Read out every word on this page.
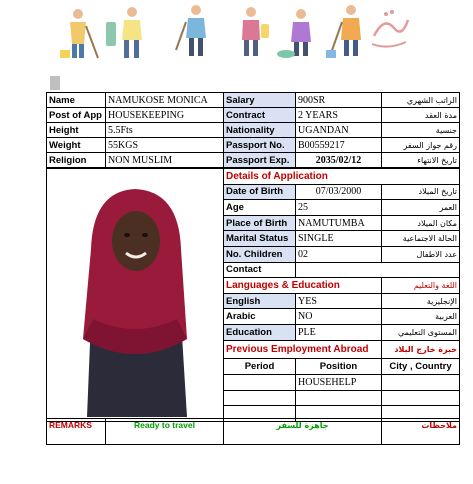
Name	NAMUKOSE MONICA	Salary	900SR	الراتب الشهري
Post of App	HOUSEKEEPING	Contract	2 YEARS	مدة العقد
Height	5.5Fts	Nationality	UGANDAN	جنسية
Weight	55KGS	Passport No.	B00559217	رقم جواز السفر
Religion	NON MUSLIM	Passport Exp.	2035/02/12	تاريخ الانتهاء
	Details of Application		
	Date of Birth	07/03/2000	تاريخ الميلاد
	Age	25	العمر
	Place of Birth	NAMUTUMBA	مكان الميلاد
	Marital Status	SINGLE	الحالة الاجتماعية
	No. Children	02	عدد الاطفال
	Contact		
	Languages & Education		اللغة والتعليم
	English	YES	الإنجليزية
	Arabic	NO	العربية
	Education	PLE	المستوى التعليمي
	Previous Employment Abroad		خبرة خارج البلاد
	Period	Position	City , Country
		HOUSEHELP	

REMARKS	Ready to travel	جاهزة للسفر	ملاحظات
